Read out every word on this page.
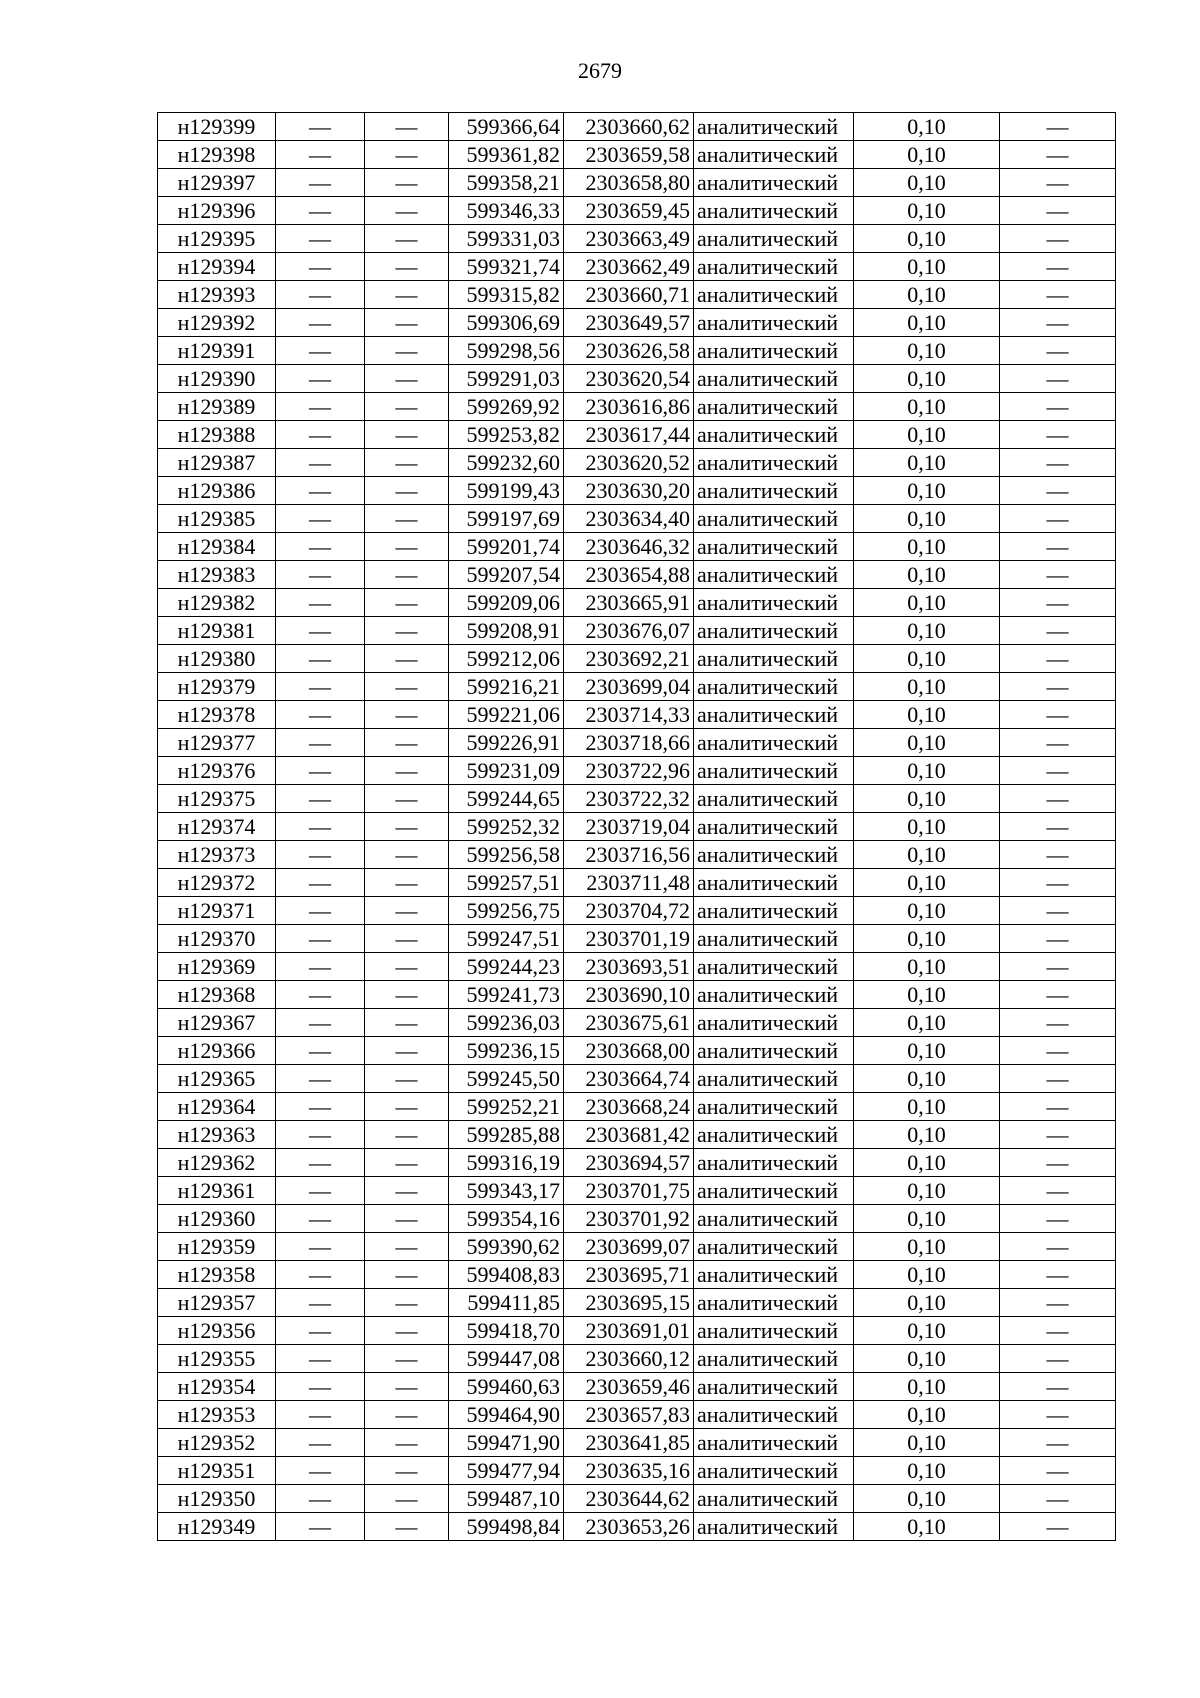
2679
н129399	—	—	599366,64	2303660,62	аналитический	0,10	—
н129398	—	—	599361,82	2303659,58	аналитический	0,10	—
н129397	—	—	599358,21	2303658,80	аналитический	0,10	—
н129396	—	—	599346,33	2303659,45	аналитический	0,10	—
н129395	—	—	599331,03	2303663,49	аналитический	0,10	—
н129394	—	—	599321,74	2303662,49	аналитический	0,10	—
н129393	—	—	599315,82	2303660,71	аналитический	0,10	—
н129392	—	—	599306,69	2303649,57	аналитический	0,10	—
н129391	—	—	599298,56	2303626,58	аналитический	0,10	—
н129390	—	—	599291,03	2303620,54	аналитический	0,10	—
н129389	—	—	599269,92	2303616,86	аналитический	0,10	—
н129388	—	—	599253,82	2303617,44	аналитический	0,10	—
н129387	—	—	599232,60	2303620,52	аналитический	0,10	—
н129386	—	—	599199,43	2303630,20	аналитический	0,10	—
н129385	—	—	599197,69	2303634,40	аналитический	0,10	—
н129384	—	—	599201,74	2303646,32	аналитический	0,10	—
н129383	—	—	599207,54	2303654,88	аналитический	0,10	—
н129382	—	—	599209,06	2303665,91	аналитический	0,10	—
н129381	—	—	599208,91	2303676,07	аналитический	0,10	—
н129380	—	—	599212,06	2303692,21	аналитический	0,10	—
н129379	—	—	599216,21	2303699,04	аналитический	0,10	—
н129378	—	—	599221,06	2303714,33	аналитический	0,10	—
н129377	—	—	599226,91	2303718,66	аналитический	0,10	—
н129376	—	—	599231,09	2303722,96	аналитический	0,10	—
н129375	—	—	599244,65	2303722,32	аналитический	0,10	—
н129374	—	—	599252,32	2303719,04	аналитический	0,10	—
н129373	—	—	599256,58	2303716,56	аналитический	0,10	—
н129372	—	—	599257,51	2303711,48	аналитический	0,10	—
н129371	—	—	599256,75	2303704,72	аналитический	0,10	—
н129370	—	—	599247,51	2303701,19	аналитический	0,10	—
н129369	—	—	599244,23	2303693,51	аналитический	0,10	—
н129368	—	—	599241,73	2303690,10	аналитический	0,10	—
н129367	—	—	599236,03	2303675,61	аналитический	0,10	—
н129366	—	—	599236,15	2303668,00	аналитический	0,10	—
н129365	—	—	599245,50	2303664,74	аналитический	0,10	—
н129364	—	—	599252,21	2303668,24	аналитический	0,10	—
н129363	—	—	599285,88	2303681,42	аналитический	0,10	—
н129362	—	—	599316,19	2303694,57	аналитический	0,10	—
н129361	—	—	599343,17	2303701,75	аналитический	0,10	—
н129360	—	—	599354,16	2303701,92	аналитический	0,10	—
н129359	—	—	599390,62	2303699,07	аналитический	0,10	—
н129358	—	—	599408,83	2303695,71	аналитический	0,10	—
н129357	—	—	599411,85	2303695,15	аналитический	0,10	—
н129356	—	—	599418,70	2303691,01	аналитический	0,10	—
н129355	—	—	599447,08	2303660,12	аналитический	0,10	—
н129354	—	—	599460,63	2303659,46	аналитический	0,10	—
н129353	—	—	599464,90	2303657,83	аналитический	0,10	—
н129352	—	—	599471,90	2303641,85	аналитический	0,10	—
н129351	—	—	599477,94	2303635,16	аналитический	0,10	—
н129350	—	—	599487,10	2303644,62	аналитический	0,10	—
н129349	—	—	599498,84	2303653,26	аналитический	0,10	—
